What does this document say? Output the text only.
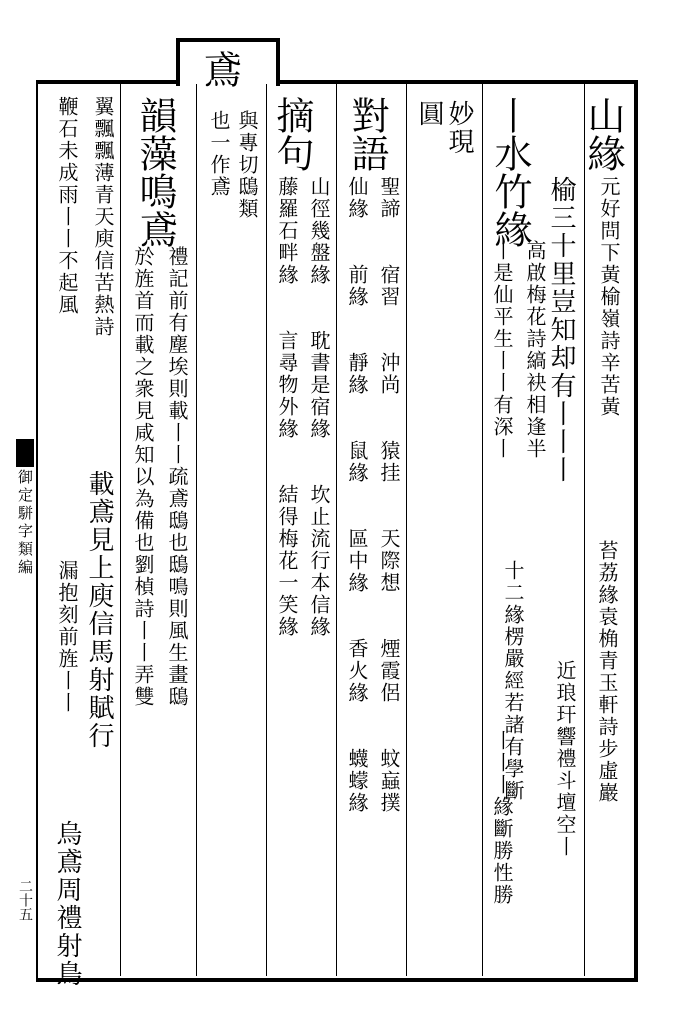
御定駢字類編
二十五
山緣
元好問下黃榆嶺詩辛苦黃
苔荔緣袁桷青玉軒詩步虛巖
榆三十里豈知却有丨丨丨
近琅玕響禮斗壇空丨
丨水竹緣
高啟梅花詩縞袂相逢半
十二緣楞嚴經若諸有學斷
丨是仙平生丨丨有深丨
丨丨丨緣斷勝性勝
妙現
圓
對語
聖諦　　宿習　　沖尚　　猿挂　　天際想　　煙霞侶　　蚊蝱撲
仙緣　　前緣　　靜緣　　鼠緣　　區中緣　　香火緣　　蠛蠓緣
摘句
山徑幾盤緣　　耽書是宿緣　　坎止流行本信緣
藤羅石畔緣　　言尋物外緣　　結得梅花一笑緣
鳶
與專切鴟類
也一作鳶
韻藻鳴鳶
禮記前有塵埃則載丨丨疏鳶鴟也鴟鳴則風生畫鴟
於旌首而載之衆見咸知以為備也劉楨詩丨丨弄雙
翼飄飄薄青天庾信苦熱詩
載鳶見上庾信馬射賦行
鞭石未成雨丨丨不起風
漏抱刻前旌丨丨
烏鳶周禮射鳥
